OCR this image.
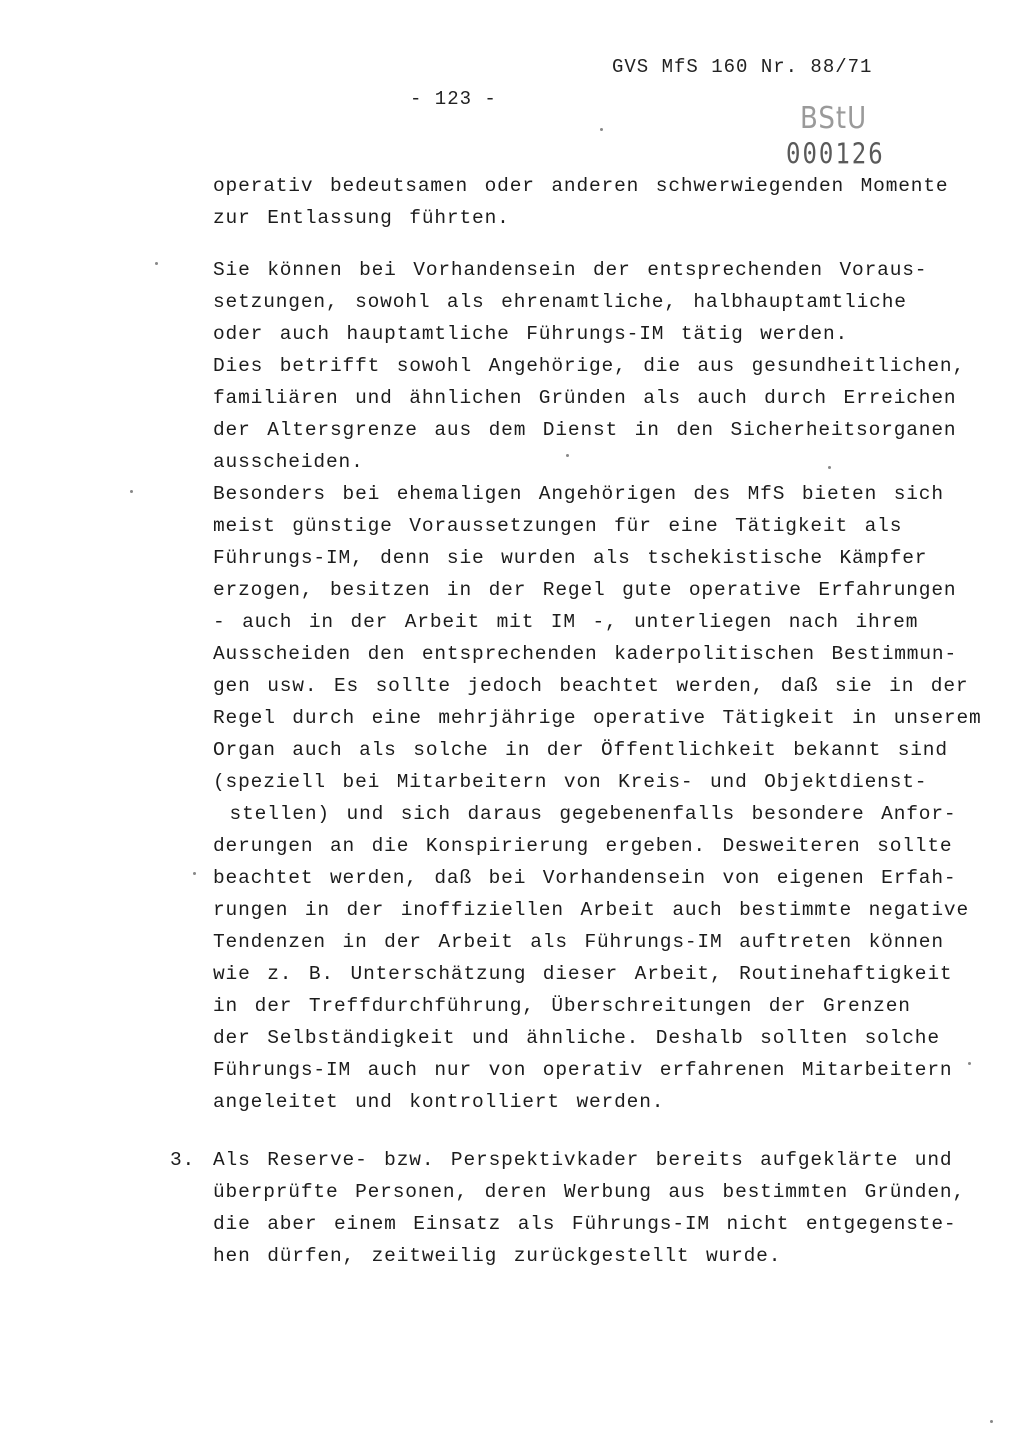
GVS MfS 160 Nr. 88/71
- 123 -
BStU
000126
operativ bedeutsamen oder anderen schwerwiegenden Momente
zur Entlassung führten.
Sie können bei Vorhandensein der entsprechenden Voraus-
setzungen, sowohl als ehrenamtliche, halbhauptamtliche
oder auch hauptamtliche Führungs-IM tätig werden.
Dies betrifft sowohl Angehörige, die aus gesundheitlichen,
familiären und ähnlichen Gründen als auch durch Erreichen
der Altersgrenze aus dem Dienst in den Sicherheitsorganen
ausscheiden.
Besonders bei ehemaligen Angehörigen des MfS bieten sich
meist günstige Voraussetzungen für eine Tätigkeit als
Führungs-IM, denn sie wurden als tschekistische Kämpfer
erzogen, besitzen in der Regel gute operative Erfahrungen
- auch in der Arbeit mit IM -, unterliegen nach ihrem
Ausscheiden den entsprechenden kaderpolitischen Bestimmun-
gen usw. Es sollte jedoch beachtet werden, daß sie in der
Regel durch eine mehrjährige operative Tätigkeit in unserem
Organ auch als solche in der Öffentlichkeit bekannt sind
(speziell bei Mitarbeitern von Kreis- und Objektdienst-
stellen) und sich daraus gegebenenfalls besondere Anfor-
derungen an die Konspirierung ergeben. Desweiteren sollte
beachtet werden, daß bei Vorhandensein von eigenen Erfah-
rungen in der inoffiziellen Arbeit auch bestimmte negative
Tendenzen in der Arbeit als Führungs-IM auftreten können
wie z. B. Unterschätzung dieser Arbeit, Routinehaftigkeit
in der Treffdurchführung, Überschreitungen der Grenzen
der Selbständigkeit und ähnliche. Deshalb sollten solche
Führungs-IM auch nur von operativ erfahrenen Mitarbeitern
angeleitet und kontrolliert werden.
3. Als Reserve- bzw. Perspektivkader bereits aufgeklärte und
überprüfte Personen, deren Werbung aus bestimmten Gründen,
die aber einem Einsatz als Führungs-IM nicht entgegenste-
hen dürfen, zeitweilig zurückgestellt wurde.
